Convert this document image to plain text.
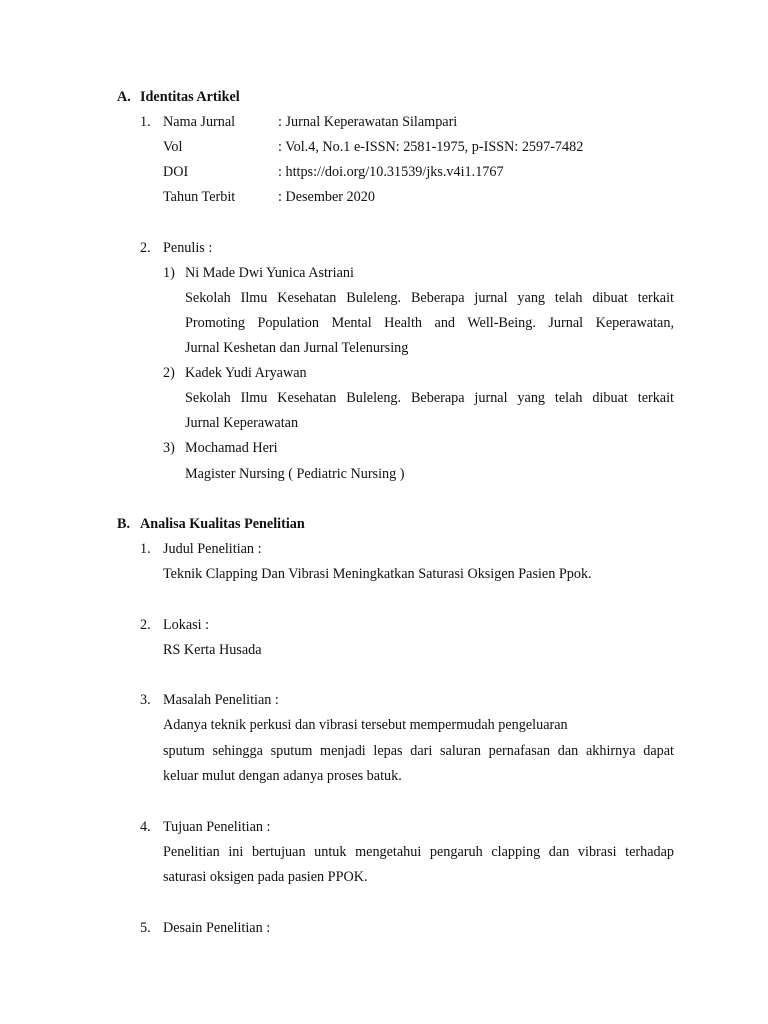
A. Identitas Artikel
1. Nama Jurnal	: Jurnal Keperawatan Silampari
Vol	: Vol.4, No.1 e-ISSN: 2581-1975, p-ISSN: 2597-7482
DOI	: https://doi.org/10.31539/jks.v4i1.1767
Tahun Terbit	: Desember 2020
2. Penulis :
1) Ni Made Dwi Yunica Astriani
Sekolah Ilmu Kesehatan Buleleng. Beberapa jurnal yang telah dibuat terkait
Promoting Population Mental Health and Well-Being. Jurnal Keperawatan,
Jurnal Keshetan dan Jurnal Telenursing
2) Kadek Yudi Aryawan
Sekolah Ilmu Kesehatan Buleleng. Beberapa jurnal yang telah dibuat terkait
Jurnal Keperawatan
3) Mochamad Heri
Magister Nursing ( Pediatric Nursing )
B. Analisa Kualitas Penelitian
1. Judul Penelitian :
Teknik Clapping Dan Vibrasi Meningkatkan Saturasi Oksigen Pasien Ppok.
2. Lokasi :
RS Kerta Husada
3. Masalah Penelitian :
Adanya teknik perkusi dan vibrasi tersebut mempermudah pengeluaran
sputum sehingga sputum menjadi lepas dari saluran pernafasan dan akhirnya dapat
keluar mulut dengan adanya proses batuk.
4. Tujuan Penelitian :
Penelitian ini bertujuan untuk mengetahui pengaruh clapping dan vibrasi terhadap
saturasi oksigen pada pasien PPOK.
5. Desain Penelitian :
